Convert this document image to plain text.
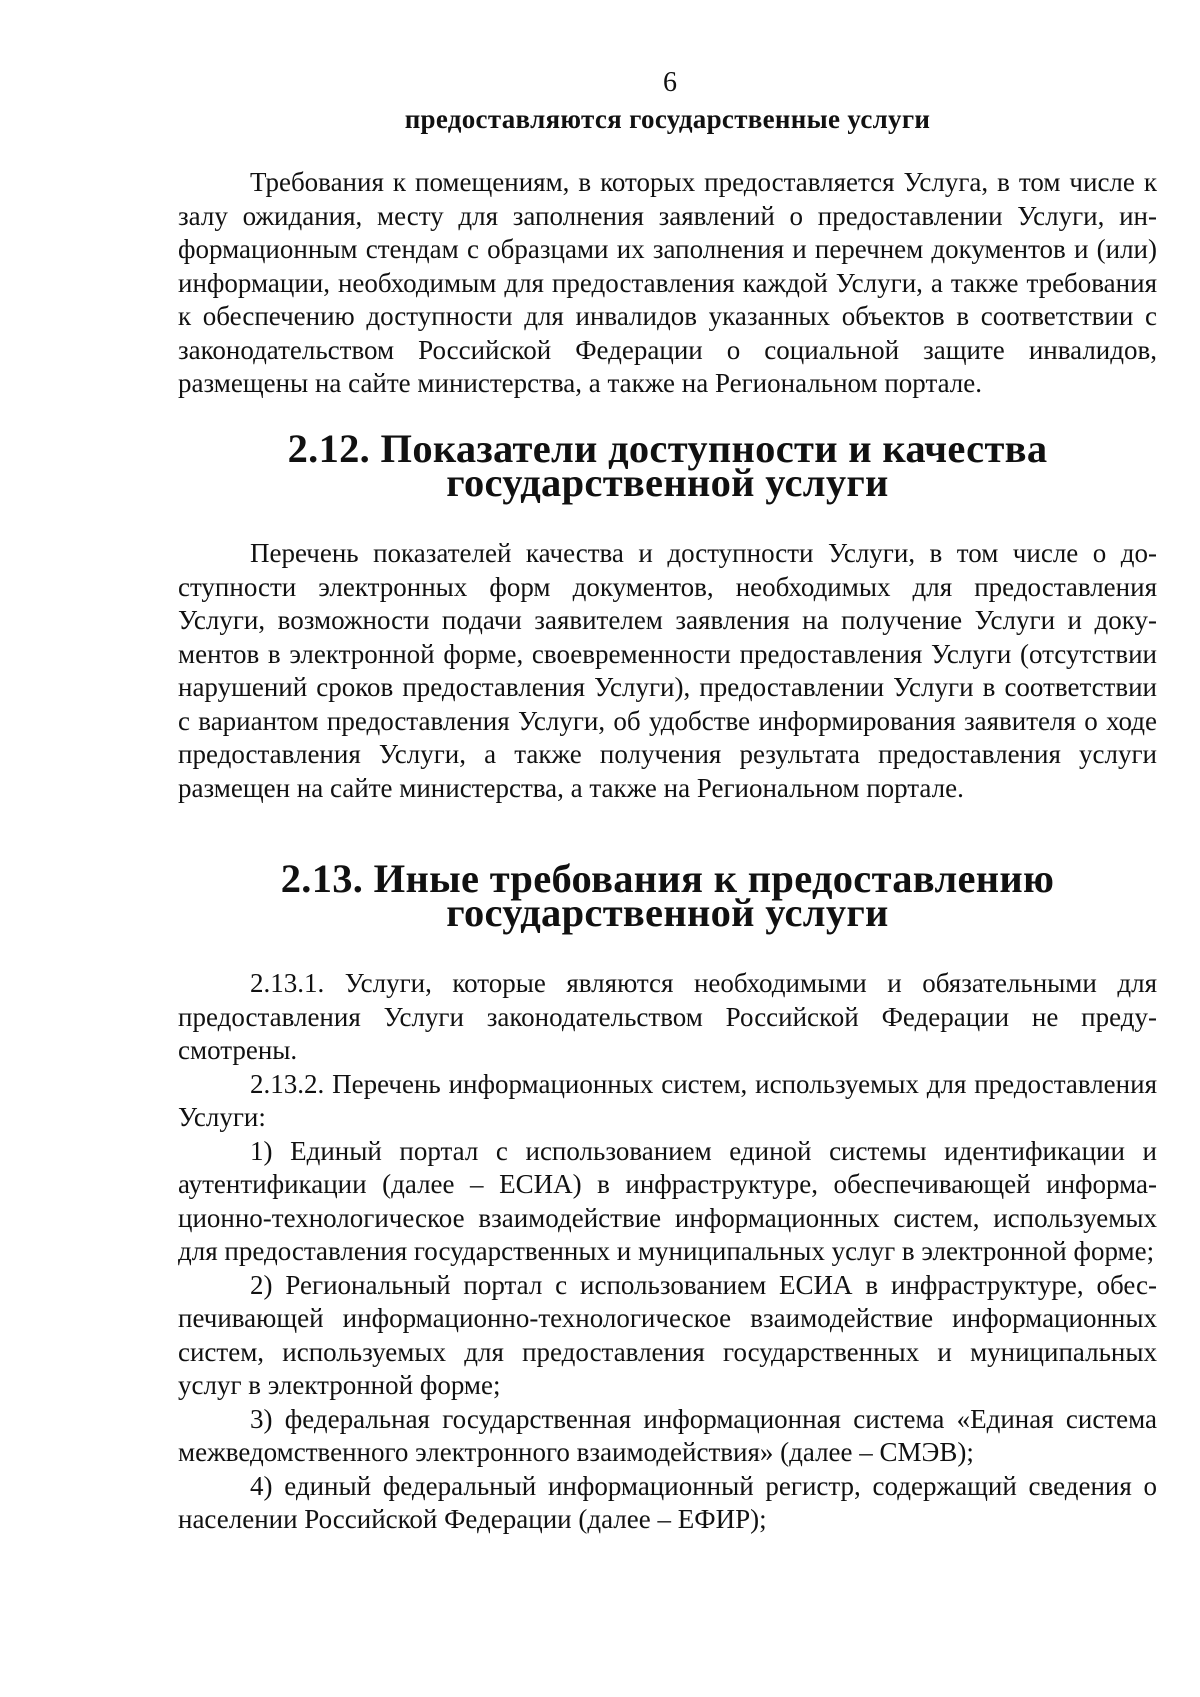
6

предоставляются государственные услуги

Требования к помещениям, в которых предоставляется Услуга, в том числе к залу ожидания, месту для заполнения заявлений о предоставлении Услуги, информационным стендам с образцами их заполнения и перечнем документов и (или) информации, необходимым для предоставления каждой Услуги, а также требования к обеспечению доступности для инвалидов указанных объектов в соответствии с законодательством Российской Федерации о социальной защите инвалидов, размещены на сайте министерства, а также на Региональном портале.

2.12. Показатели доступности и качества
государственной услуги

Перечень показателей качества и доступности Услуги, в том числе о доступности электронных форм документов, необходимых для предоставления Услуги, возможности подачи заявителем заявления на получение Услуги и документов в электронной форме, своевременности предоставления Услуги (отсутствии нарушений сроков предоставления Услуги), предоставлении Услуги в соответствии с вариантом предоставления Услуги, об удобстве информирования заявителя о ходе предоставления Услуги, а также получения результата предоставления услуги размещен на сайте министерства, а также на Региональном портале.

2.13. Иные требования к предоставлению
государственной услуги

2.13.1. Услуги, которые являются необходимыми и обязательными для предоставления Услуги законодательством Российской Федерации не предусмотрены.

2.13.2. Перечень информационных систем, используемых для предоставления Услуги:

1) Единый портал с использованием единой системы идентификации и аутентификации (далее – ЕСИА) в инфраструктуре, обеспечивающей информационно-технологическое взаимодействие информационных систем, используемых для предоставления государственных и муниципальных услуг в электронной форме;

2) Региональный портал с использованием ЕСИА в инфраструктуре, обеспечивающей информационно-технологическое взаимодействие информационных систем, используемых для предоставления государственных и муниципальных услуг в электронной форме;

3) федеральная государственная информационная система «Единая система межведомственного электронного взаимодействия» (далее – СМЭВ);

4) единый федеральный информационный регистр, содержащий сведения о населении Российской Федерации (далее – ЕФИР);
